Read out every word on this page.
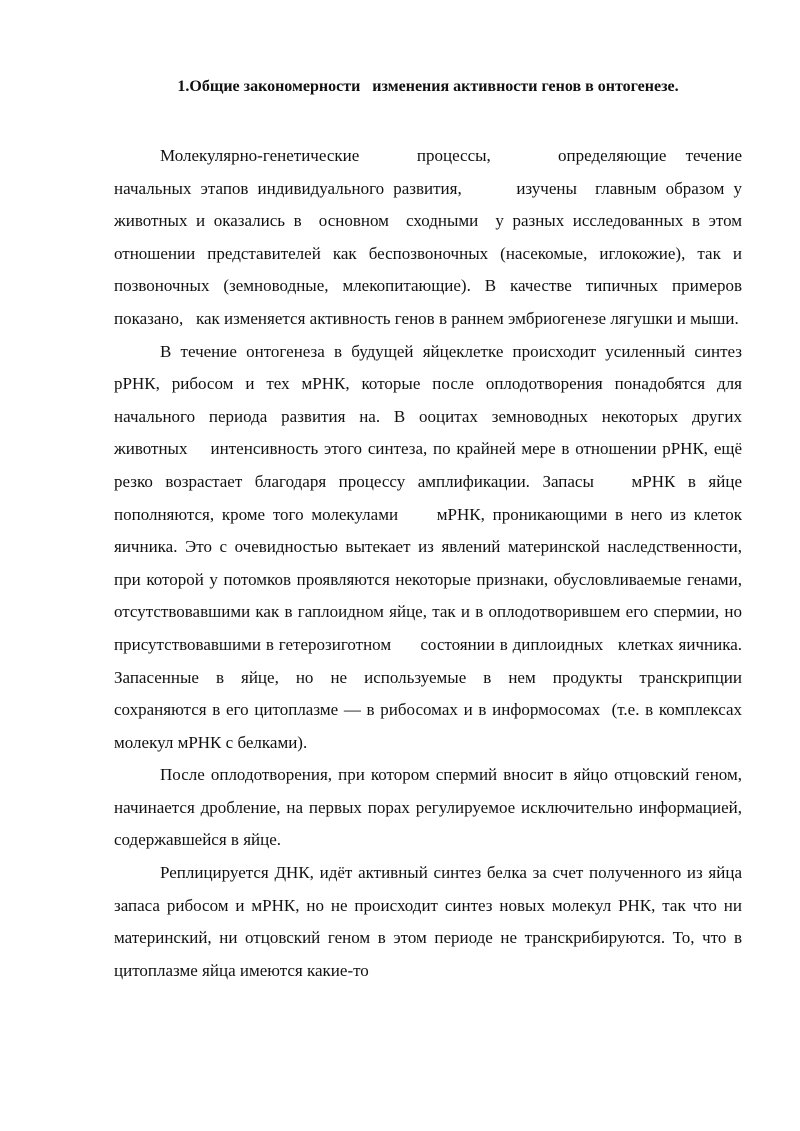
1.Общие закономерности   изменения активности генов в онтогенезе.

Молекулярно-генетические      процессы,       определяющие  течение начальных этапов индивидуального развития,      изучены  главным образом у животных и оказались в  основном  сходными  у разных исследованных в этом отношении представителей как беспозвоночных (насекомые, иглокожие), так и позвоночных (земноводные, млекопитающие). В качестве типичных примеров показано,   как изменяется активность генов в раннем эмбриогенезе лягушки и мыши.

В течение онтогенеза в будущей яйцеклетке происходит усиленный синтез рРНК, рибосом и тех мРНК, которые после оплодотворения понадобятся для начального периода развития на. В ооцитах земноводных некоторых других животных    интенсивность этого синтеза, по крайней мере в отношении рРНК, ещё резко возрастает благодаря процессу амплификации. Запасы   мРНК в яйце пополняются, кроме того молекулами     мРНК, проникающими в него из клеток яичника. Это с очевидностью вытекает из явлений материнской наследственности, при которой у потомков проявляются некоторые признаки, обусловливаемые генами, отсутствовавшими как в гаплоидном яйце, так и в оплодотворившем его спермии, но присутствовавшими в гетерозиготном      состоянии в диплоидных   клетках яичника.     Запасенные в яйце, но не используемые в нем продукты транскрипции        сохраняются в его цитоплазме — в рибосомах и в информосомах  (т.е. в комплексах молекул мРНК с белками).

После оплодотворения, при котором спермий вносит в яйцо отцовский геном, начинается дробление, на первых порах регулируемое исключительно информацией, содержавшейся в яйце.

Реплицируется ДНК, идёт активный синтез белка за счет полученного из яйца запаса рибосом и мРНК, но не происходит синтез новых молекул РНК, так что ни материнский, ни отцовский геном в этом периоде не транскрибируются. То, что в цитоплазме яйца имеются какие-то
